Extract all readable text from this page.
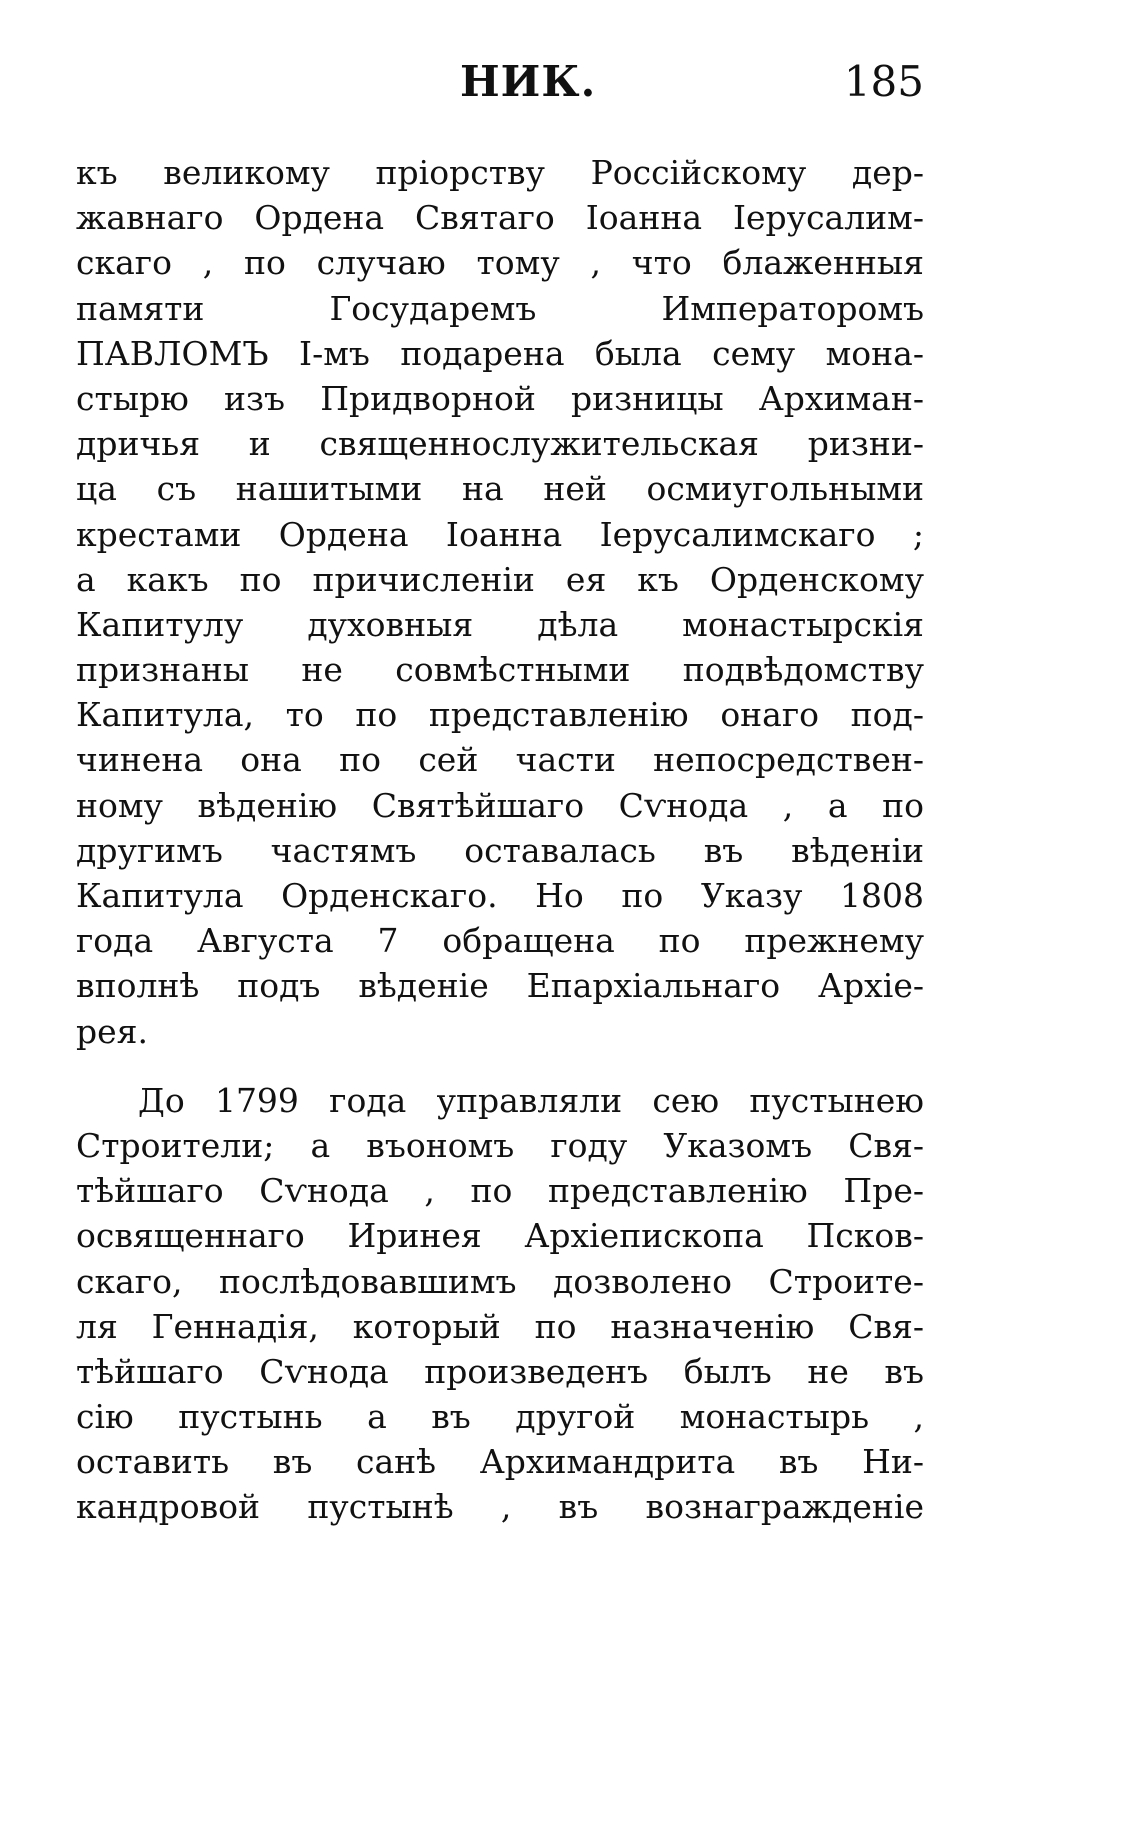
НИК.	185
къ великому пріорству Россійскому дер-
жавнаго Ордена Святаго Іоанна Іерусалим-
скаго , по случаю тому , что блаженныя
памяти Государемъ Императоромъ
ПАВЛОМЪ І-мъ подарена была сему мона-
стырю изъ Придворной ризницы Архиман-
дричья и священнослужительская ризни-
ца съ нашитыми на ней осмиугольными
крестами Ордена Іоанна Іерусалимскаго ;
а какъ по причисленіи ея къ Орденскому
Капитулу духовныя дѣла монастырскія
признаны не совмѣстными подвѣдомству
Капитула, то по представленію онаго под-
чинена она по сей части непосредствен-
ному вѣденію Святѣйшаго Сѵнода , а по
другимъ частямъ оставалась въ вѣденіи
Капитула Орденскаго. Но по Указу 1808
года Августа 7 обращена по прежнему
вполнѣ подъ вѣденіе Епархіальнаго Архіе-
рея.
До 1799 года управляли сею пустынею
Строители; а въономъ году Указомъ Свя-
тѣйшаго Сѵнода , по представленію Пре-
освященнаго Иринея Архіепископа Псков-
скаго, послѣдовавшимъ дозволено Строите-
ля Геннадія, который по назначенію Свя-
тѣйшаго Сѵнода произведенъ былъ не въ
сію пустынь а въ другой монастырь ,
оставить въ санѣ Архимандрита въ Ни-
кандровой пустынѣ , въ вознагражденіе
